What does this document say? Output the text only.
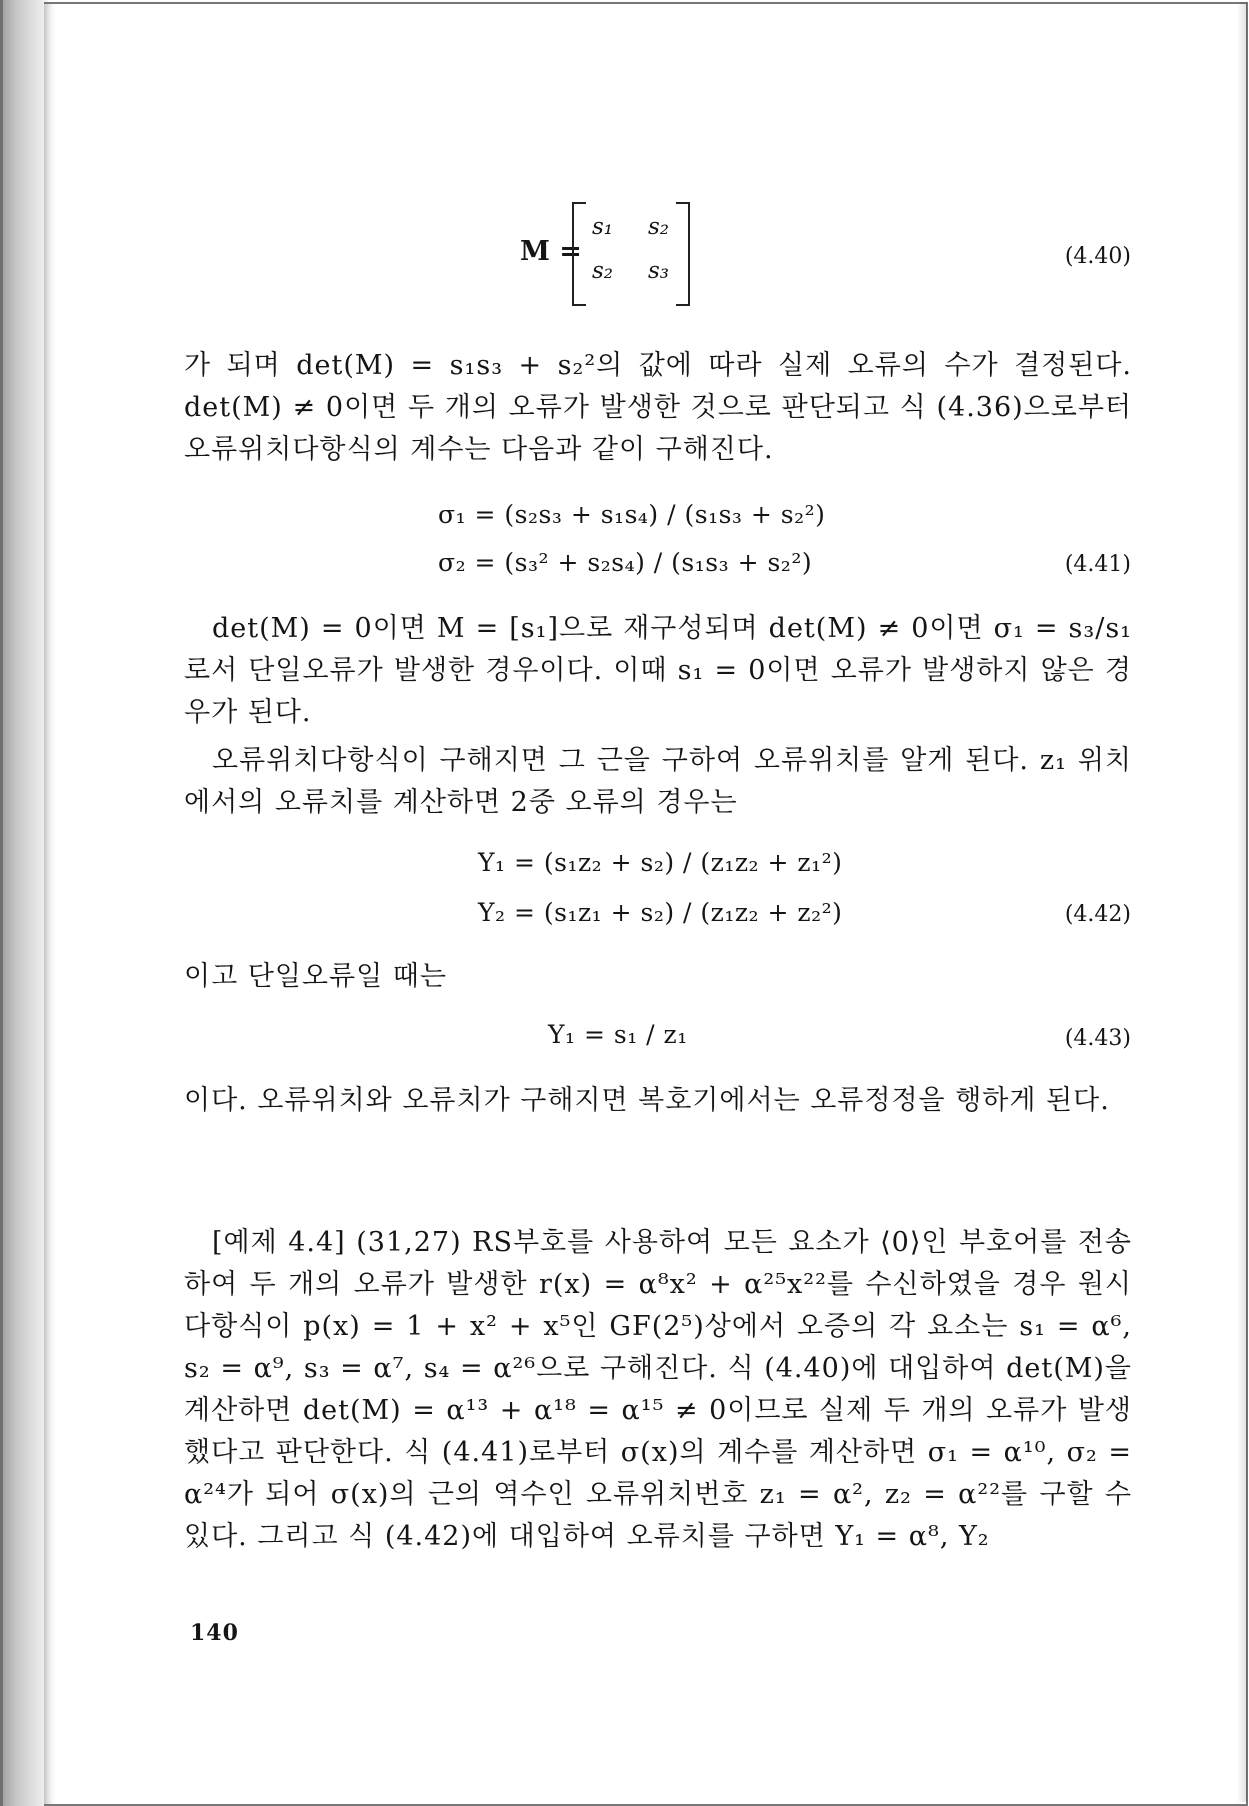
M =
s₁ s₂
s₂ s₃
(4.40)

가 되며 det(M) = s₁s₃ + s₂²의 값에 따라 실제 오류의 수가 결정된다. det(M) ≠ 0이면 두 개의 오류가 발생한 것으로 판단되고 식 (4.36)으로부터 오류위치다항식의 계수는 다음과 같이 구해진다.

σ₁ = (s₂s₃ + s₁s₄) / (s₁s₃ + s₂²)
σ₂ = (s₃² + s₂s₄) / (s₁s₃ + s₂²)	(4.41)

det(M) = 0이면 M = [s₁]으로 재구성되며 det(M) ≠ 0이면 σ₁ = s₃/s₁로서 단일오류가 발생한 경우이다. 이때 s₁ = 0이면 오류가 발생하지 않은 경우가 된다.

오류위치다항식이 구해지면 그 근을 구하여 오류위치를 알게 된다. z₁ 위치에서의 오류치를 계산하면 2중 오류의 경우는

Y₁ = (s₁z₂ + s₂) / (z₁z₂ + z₁²)
Y₂ = (s₁z₁ + s₂) / (z₁z₂ + z₂²)	(4.42)

이고 단일오류일 때는

Y₁ = s₁ / z₁	(4.43)

이다. 오류위치와 오류치가 구해지면 복호기에서는 오류정정을 행하게 된다.

[예제 4.4] (31,27) RS부호를 사용하여 모든 요소가 ⟨0⟩인 부호어를 전송하여 두 개의 오류가 발생한 r(x) = α⁸x² + α²⁵x²²를 수신하였을 경우 원시다항식이 p(x) = 1 + x² + x⁵인 GF(2⁵)상에서 오증의 각 요소는 s₁ = α⁶, s₂ = α⁹, s₃ = α⁷, s₄ = α²⁶으로 구해진다. 식 (4.40)에 대입하여 det(M)을 계산하면 det(M) = α¹³ + α¹⁸ = α¹⁵ ≠ 0이므로 실제 두 개의 오류가 발생했다고 판단한다. 식 (4.41)로부터 σ(x)의 계수를 계산하면 σ₁ = α¹⁰, σ₂ = α²⁴가 되어 σ(x)의 근의 역수인 오류위치번호 z₁ = α², z₂ = α²²를 구할 수 있다. 그리고 식 (4.42)에 대입하여 오류치를 구하면 Y₁ = α⁸, Y₂

140
